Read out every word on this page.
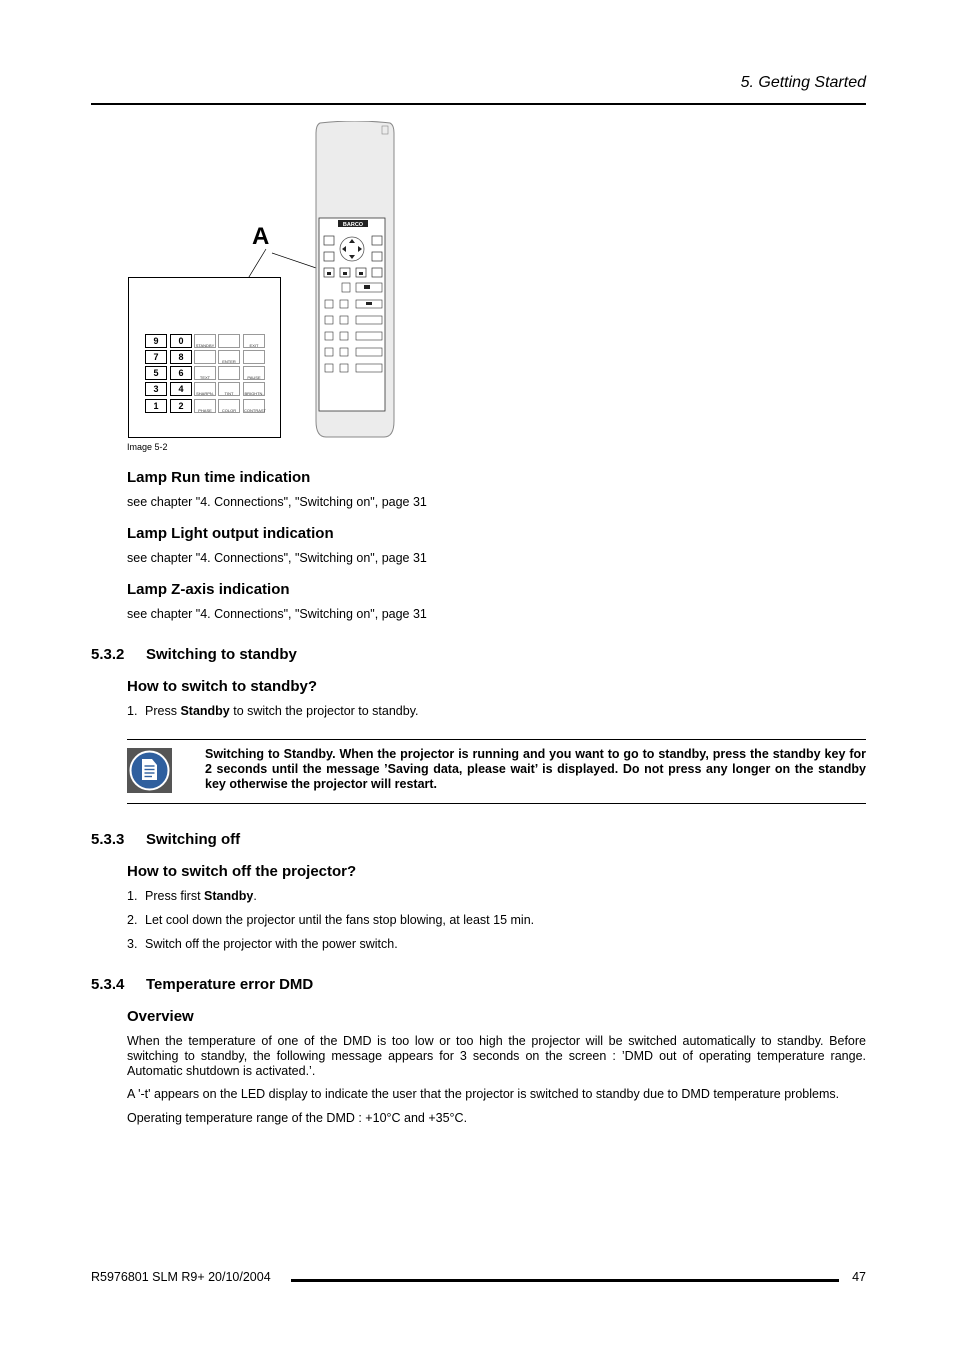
5. Getting Started
BARCO
9	0
7	8
5	6
3	4
1	2
STANDBY	EXIT
ENTER
TEXT	PAUSE
SHARPN.	TINT	BRIGHTN.
PHASE	COLOR	CONTRAST
A
Image 5-2
Lamp Run time indication

see chapter "4. Connections", "Switching on", page 31

Lamp Light output indication

see chapter "4. Connections", "Switching on", page 31

Lamp Z-axis indication

see chapter "4. Connections", "Switching on", page 31

5.3.2 Switching to standby
How to switch to standby?

1. Press Standby to switch the projector to standby.

Switching to Standby. When the projector is running and you want to go to standby, press the standby key for 2 seconds until the message ’Saving data, please wait’ is displayed. Do not press any longer on the standby key otherwise the projector will restart.
5.3.3 Switching off
How to switch off the projector?

1. Press first Standby.

2. Let cool down the projector until the fans stop blowing, at least 15 min.

3. Switch off the projector with the power switch.

5.3.4 Temperature error DMD
Overview

When the temperature of one of the DMD is too low or too high the projector will be switched automatically to standby. Before switching to standby, the following message appears for 3 seconds on the screen : ’DMD out of operating temperature range. Automatic shutdown is activated.’.

A '-t' appears on the LED display to indicate the user that the projector is switched to standby due to DMD temperature problems.

Operating temperature range of the DMD : +10°C and +35°C.

R5976801 SLM R9+ 20/10/2004	47
